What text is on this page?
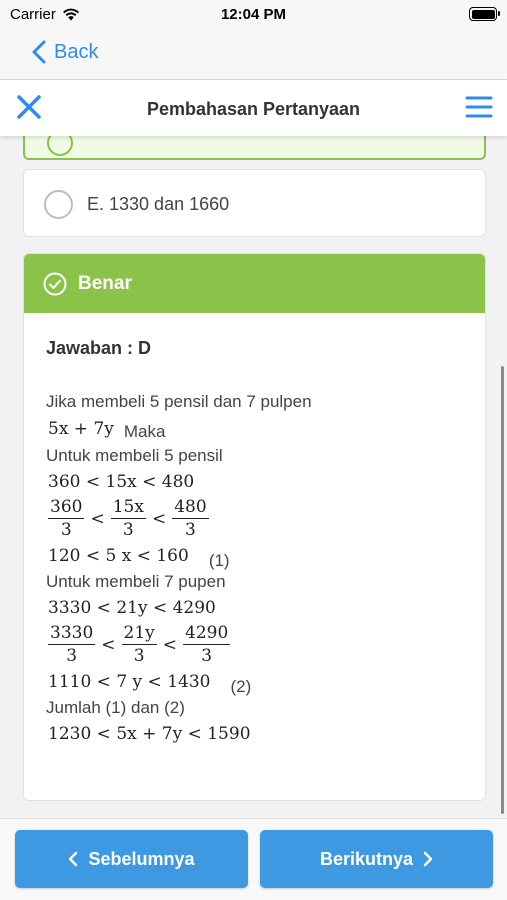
Carrier	12:04 PM
Back
Pembahasan Pertanyaan
E. 1330 dan 1660
Benar
Jawaban : D
Jika membeli 5 pensil dan 7 pulpen
5x + 7y Maka
Untuk membeli 5 pensil
360 < 15x < 480
$\frac{360}{3} < \frac{15x}{3} < \frac{480}{3}$
120 < 5 x < 160 (1)
Untuk membeli 7 pupen
3330 < 21y < 4290
$\frac{3330}{3} < \frac{21y}{3} < \frac{4290}{3}$
1110 < 7 y < 1430 (2)
Jumlah (1) dan (2)
1230 < 5x + 7y < 1590
Sebelumnya	Berikutnya
